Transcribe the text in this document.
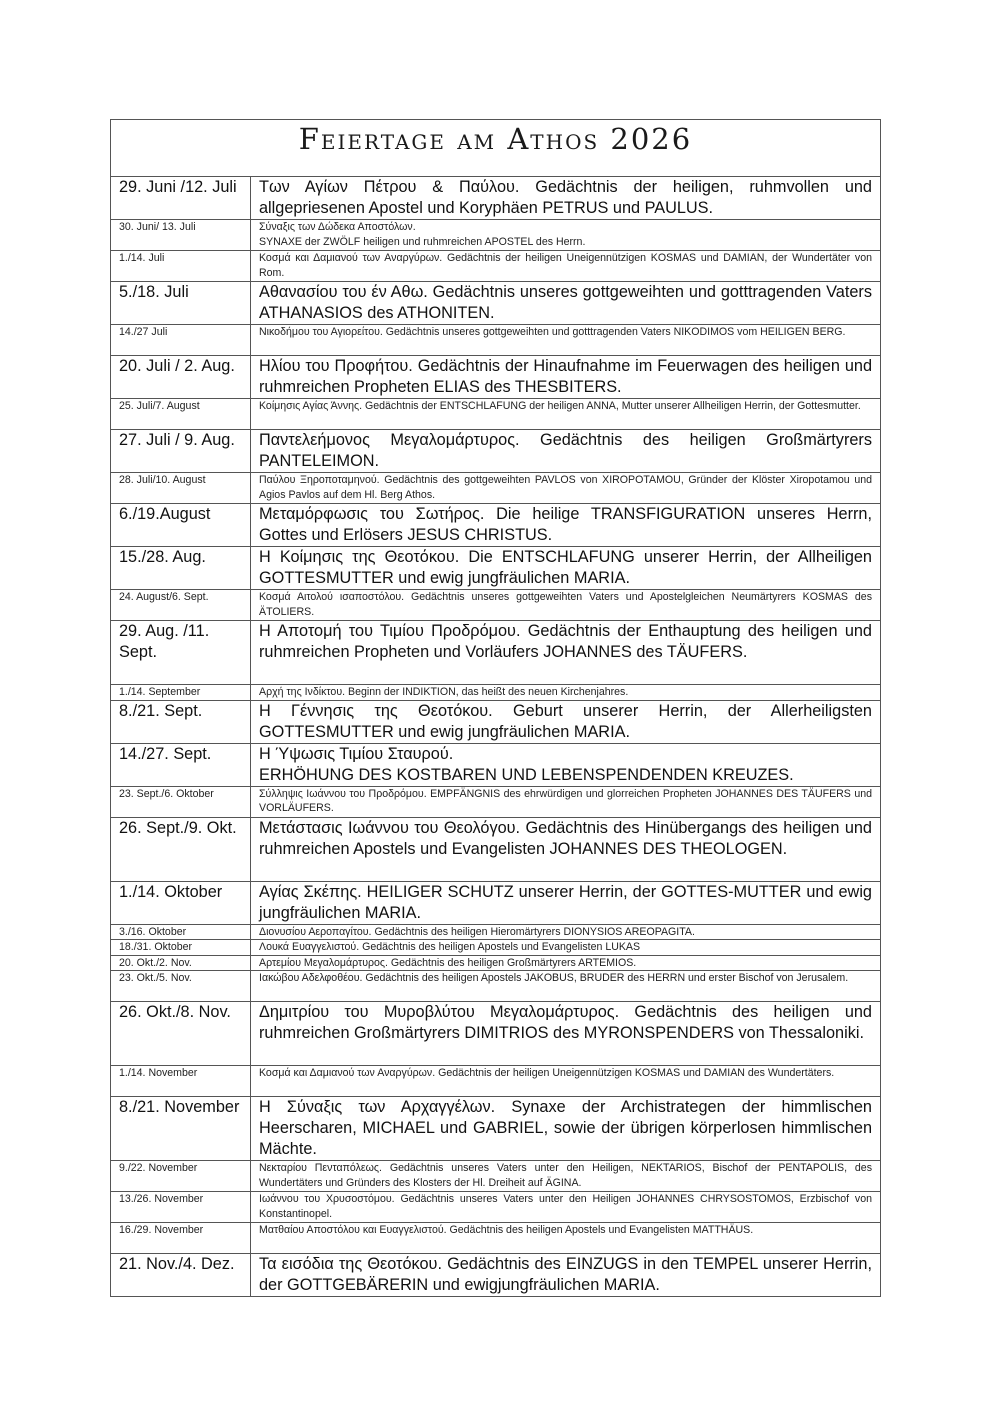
Feiertage am Athos 2026	
29. Juni /12. Juli	Των Αγίων Πέτρου & Παύλου. Gedächtnis der heiligen, ruhmvollen und allgepriesenen Apostel und Koryphäen PETRUS und PAULUS.
30. Juni/ 13. Juli	Σύναξις των Δώδεκα Αποστόλων.
SYNAXE der ZWÖLF heiligen und ruhmreichen APOSTEL des Herrn.

1./14. Juli	Κοσμά και Δαμιανού των Αναργύρων. Gedächtnis der heiligen Uneigennützigen KOSMAS und DAMIAN, der Wundertäter von Rom.
5./18. Juli	Αθανασίου του έν Αθω. Gedächtnis unseres gottgeweihten und gotttragenden Vaters ATHANASIOS des ATHONITEN.
14./27 Juli	Νικοδήμου του Αγιορείτου. Gedächtnis unseres gottgeweihten und gotttragenden Vaters NIKODIMOS vom HEILIGEN BERG.
20. Juli / 2. Aug.	Ηλίου του Προφήτου. Gedächtnis der Hinaufnahme im Feuerwagen des heiligen und ruhmreichen Propheten ELIAS des THESBITERS.
25. Juli/7. August	Κοίμησις Αγίας Άννης. Gedächtnis der ENTSCHLAFUNG der heiligen ANNA, Mutter unserer Allheiligen Herrin, der Gottesmutter.
27. Juli / 9. Aug.	Παντελεήμονος Μεγαλομάρτυρος. Gedächtnis des heiligen Großmärtyrers PANTELEIMON.
28. Juli/10. August	Παύλου Ξηροποταμηνού. Gedächtnis des gottgeweihten PAVLOS von XIROPOTAMOU, Gründer der Klöster Xiropotamou und Agios Pavlos auf dem Hl. Berg Athos.
6./19.August	Μεταμόρφωσις του Σωτήρος. Die heilige TRANSFIGURATION unseres Herrn, Gottes und Erlösers JESUS CHRISTUS.
15./28. Aug.	Η Κοίμησις της Θεοτόκου. Die ENTSCHLAFUNG unserer Herrin, der Allheiligen GOTTESMUTTER und ewig jungfräulichen MARIA.
24. August/6. Sept.	Κοσμά Αιτολού ισαποστόλου. Gedächtnis unseres gottgeweihten Vaters und Apostelgleichen Neumärtyrers KOSMAS des ÄTOLIERS.
29. Aug. /11. Sept.	Η Αποτομή του Τιμίου Προδρόμου. Gedächtnis der Enthauptung des heiligen und ruhmreichen Propheten und Vorläufers JOHANNES des TÄUFERS.
1./14. September	Αρχή της Ινδίκτου. Beginn der INDIKTION, das heißt des neuen Kirchenjahres.
8./21. Sept.	Η Γέννησις της Θεοτόκου. Geburt unserer Herrin, der Allerheiligsten GOTTESMUTTER und ewig jungfräulichen MARIA.
14./27. Sept.	Η Ύψωσις Τιμίου Σταυρού.
ERHÖHUNG DES KOSTBAREN UND LEBENSPENDENDEN KREUZES.

23. Sept./6. Oktober	Σύλληψις Ιωάννου του Προδρόμου. EMPFÄNGNIS des ehrwürdigen und glorreichen Propheten JOHANNES DES TÄUFERS und VORLÄUFERS.
26. Sept./9. Okt.	Μετάστασις Ιωάννου του Θεολόγου. Gedächtnis des Hinübergangs des heiligen und ruhmreichen Apostels und Evangelisten JOHANNES DES THEOLOGEN.
1./14. Oktober	Αγίας Σκέπης. HEILIGER SCHUTZ unserer Herrin, der GOTTES-MUTTER und ewig jungfräulichen MARIA.
3./16. Oktober	Διονυσίου Αεροπαγίτου. Gedächtnis des heiligen Hieromärtyrers DIONYSIOS AREOPAGITA.
18./31. Oktober	Λουκά Ευαγγελιστού. Gedächtnis des heiligen Apostels und Evangelisten LUKAS
20. Okt./2. Nov.	Αρτεμίου Μεγαλομάρτυρος. Gedächtnis des heiligen Großmärtyrers ARTEMIOS.
23. Okt./5. Nov.	Ιακώβου Αδελφοθέου. Gedächtnis des heiligen Apostels JAKOBUS, BRUDER des HERRN und erster Bischof von Jerusalem.
26. Okt./8. Nov.	Δημιτρίου του Μυροβλύτου Μεγαλομάρτυρος. Gedächtnis des heiligen und ruhmreichen Großmärtyrers DIMITRIOS des MYRONSPENDERS von Thessaloniki.
1./14. November	Κοσμά και Δαμιανού των Αναργύρων. Gedächtnis der heiligen Uneigennützigen KOSMAS und DAMIAN des Wundertäters.
8./21. November	Η Σύναξις των Αρχαγγέλων. Synaxe der Archistrategen der himmlischen Heerscharen, MICHAEL und GABRIEL, sowie der übrigen körperlosen himmlischen Mächte.
9./22. November	Νεκταρίου Πενταπόλεως. Gedächtnis unseres Vaters unter den Heiligen, NEKTARIOS, Bischof der PENTAPOLIS, des Wundertäters und Gründers des Klosters der Hl. Dreiheit auf ÄGINA.
13./26. November	Ιωάννου του Χρυσοστόμου. Gedächtnis unseres Vaters unter den Heiligen JOHANNES CHRYSOSTOMOS, Erzbischof von Konstantinopel.
16./29. November	Ματθαίου Αποστόλου και Ευαγγελιστού. Gedächtnis des heiligen Apostels und Evangelisten MATTHÄUS.
21. Nov./4. Dez.	Τα εισόδια της Θεοτόκου. Gedächtnis des EINZUGS in den TEMPEL unserer Herrin, der GOTTGEBÄRERIN und ewigjungfräulichen MARIA.
